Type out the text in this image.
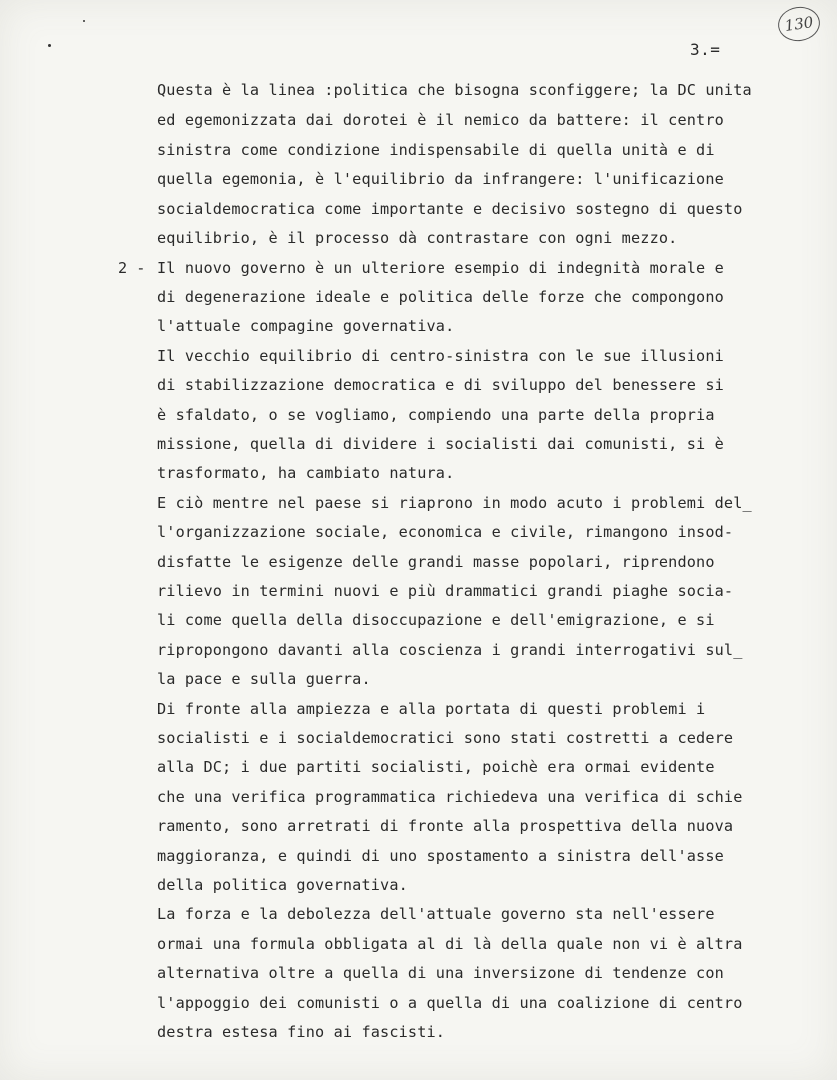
130
3.=
2 -
Questa è la linea :politica che bisogna sconfiggere; la DC unita
ed egemonizzata dai dorotei è il nemico da battere: il centro
sinistra come condizione indispensabile di quella unità e di
quella egemonia, è l'equilibrio da infrangere: l'unificazione
socialdemocratica come importante e decisivo sostegno di questo
equilibrio, è il processo dà contrastare con ogni mezzo.
Il nuovo governo è un ulteriore esempio di indegnità morale e
di degenerazione ideale e politica delle forze che compongono
l'attuale compagine governativa.
Il vecchio equilibrio di centro-sinistra con le sue illusioni
di stabilizzazione democratica e di sviluppo del benessere si
è sfaldato, o se vogliamo, compiendo una parte della propria
missione, quella di dividere i socialisti dai comunisti, si è
trasformato, ha cambiato natura.
E ciò mentre nel paese si riaprono in modo acuto i problemi del_
l'organizzazione sociale, economica e civile, rimangono insod-
disfatte le esigenze delle grandi masse popolari, riprendono
rilievo in termini nuovi e più drammatici grandi piaghe socia-
li come quella della disoccupazione e dell'emigrazione, e si
ripropongono davanti alla coscienza i grandi interrogativi sul_
la pace e sulla guerra.
Di fronte alla ampiezza e alla portata di questi problemi i
socialisti e i socialdemocratici sono stati costretti a cedere
alla DC; i due partiti socialisti, poichè era ormai evidente
che una verifica programmatica richiedeva una verifica di schie
ramento, sono arretrati di fronte alla prospettiva della nuova
maggioranza, e quindi di uno spostamento a sinistra dell'asse
della politica governativa.
La forza e la debolezza dell'attuale governo sta nell'essere
ormai una formula obbligata al di là della quale non vi è altra
alternativa oltre a quella di una inversizone di tendenze con
l'appoggio dei comunisti o a quella di una coalizione di centro
destra estesa fino ai fascisti.
